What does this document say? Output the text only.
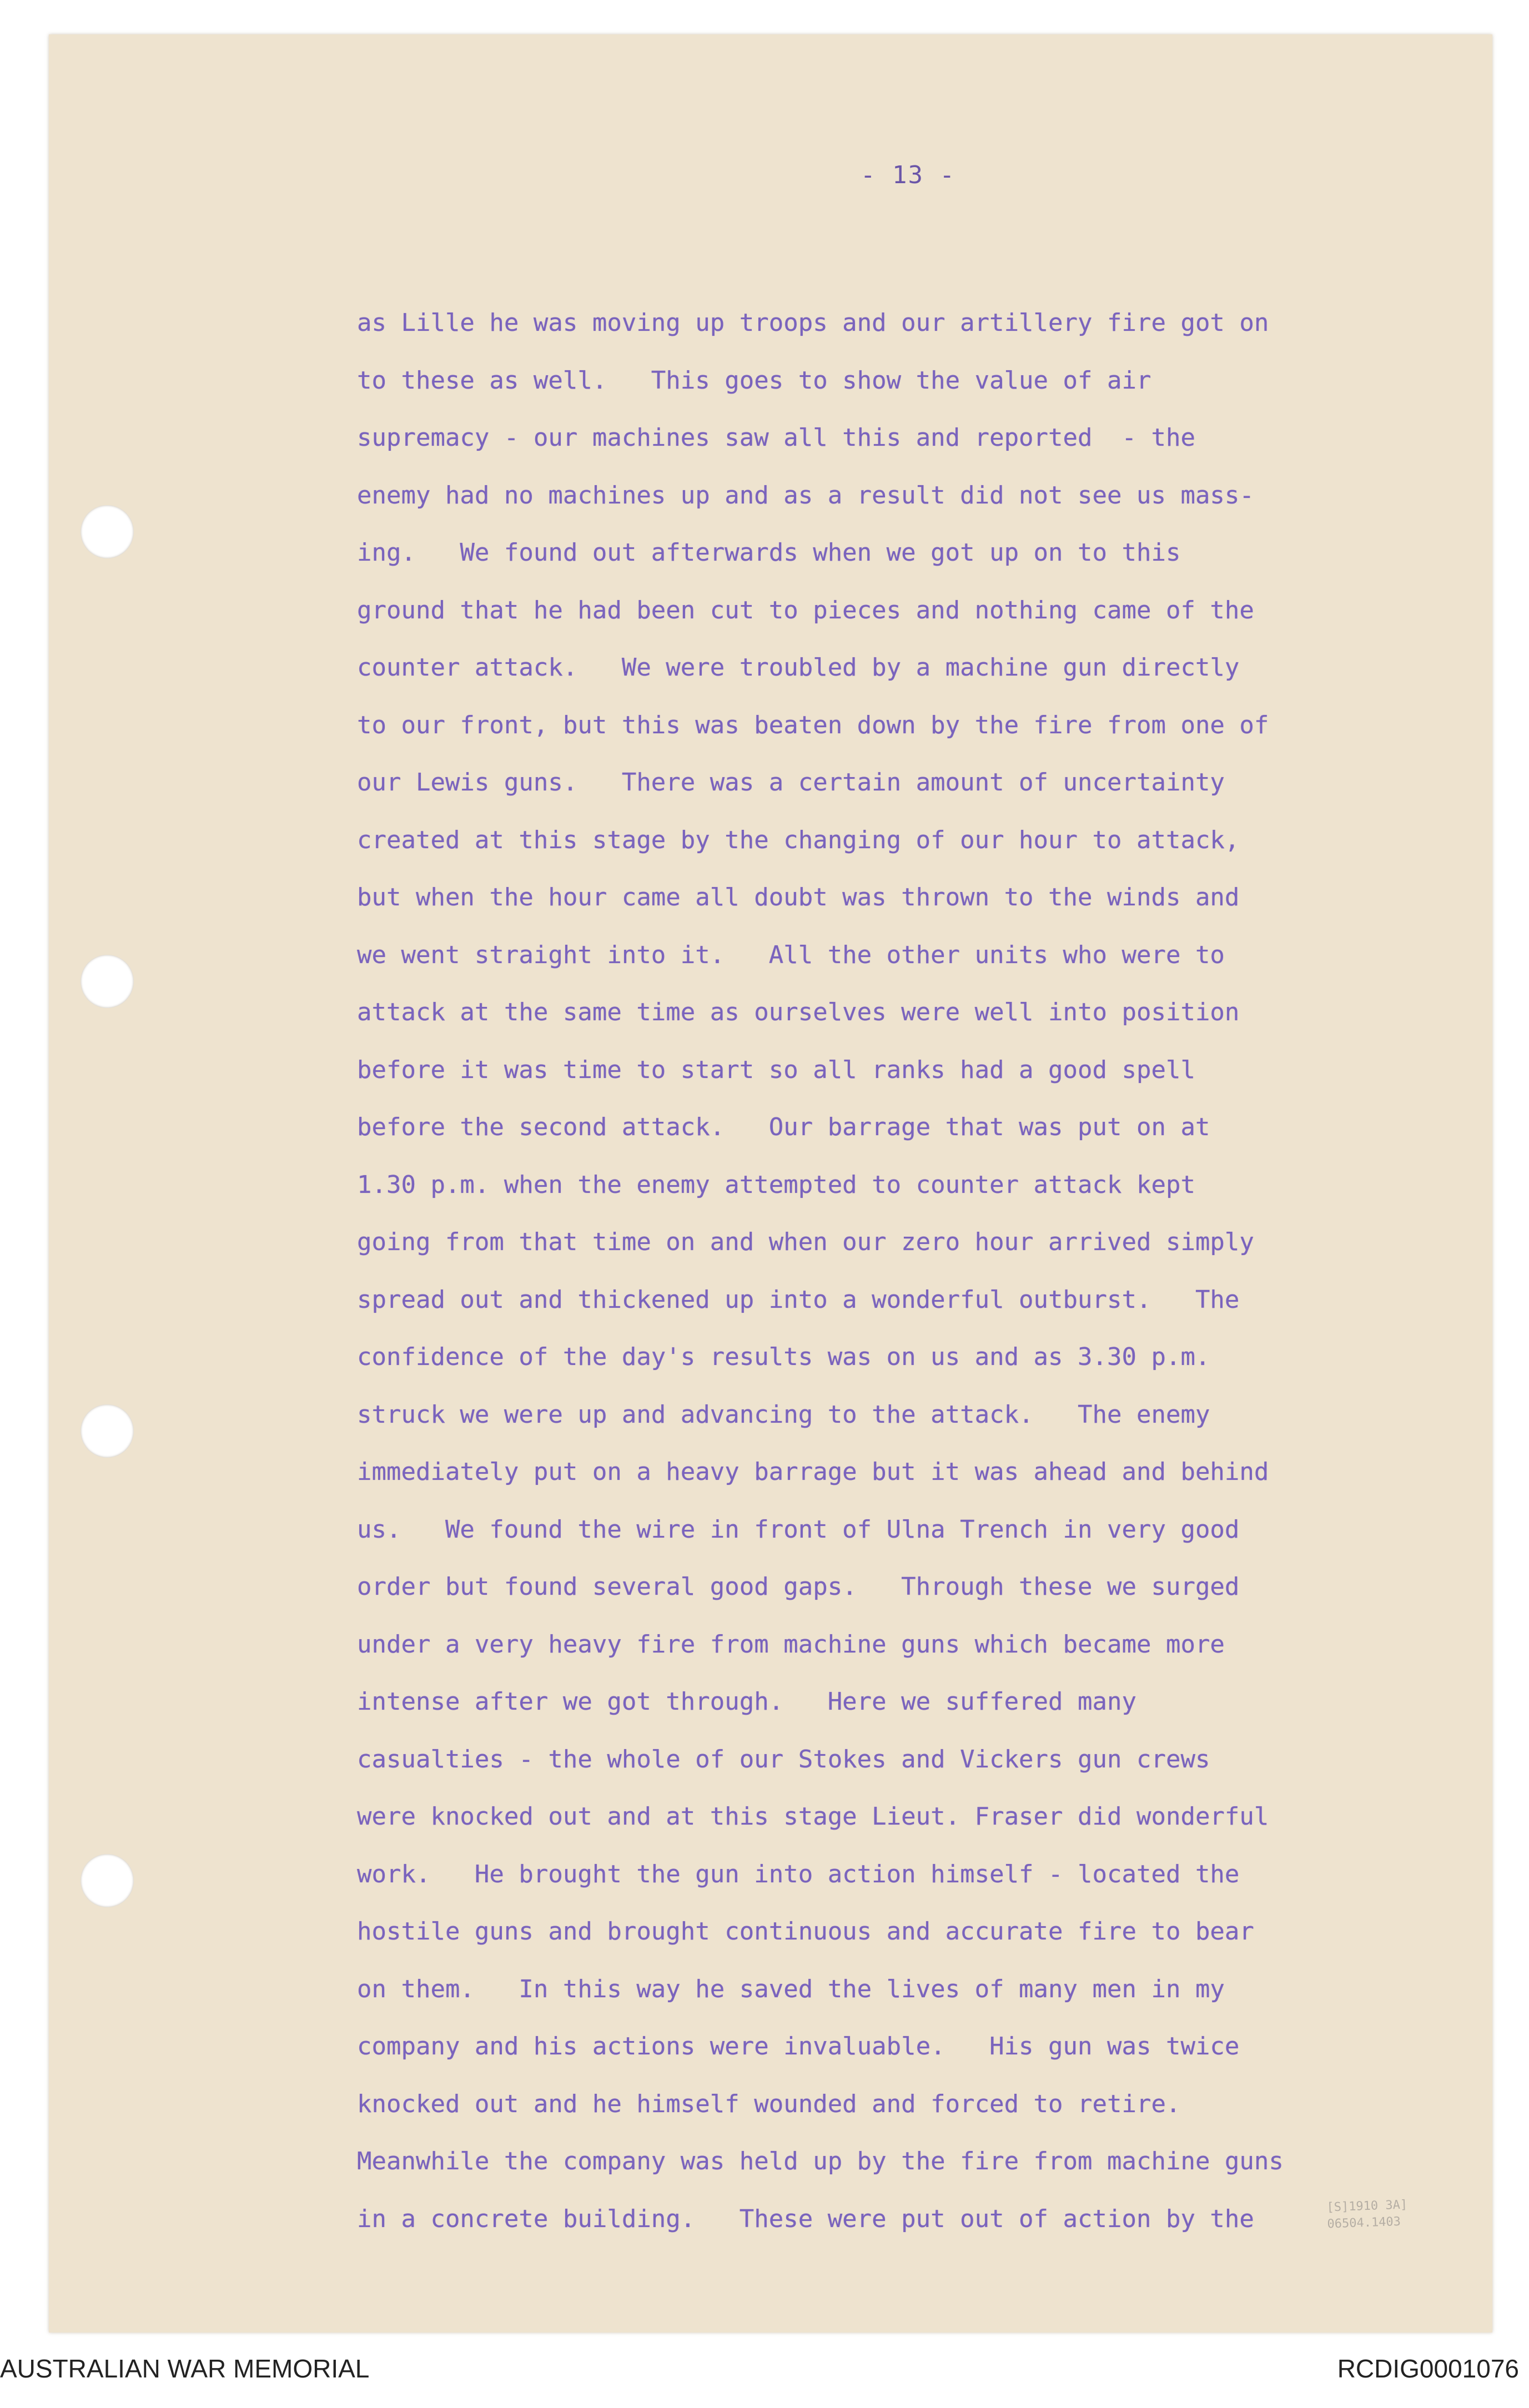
- 13 -
as Lille he was moving up troops and our artillery fire got on
to these as well.   This goes to show the value of air
supremacy - our machines saw all this and reported  - the
enemy had no machines up and as a result did not see us mass-
ing.   We found out afterwards when we got up on to this
ground that he had been cut to pieces and nothing came of the
counter attack.   We were troubled by a machine gun directly
to our front, but this was beaten down by the fire from one of
our Lewis guns.   There was a certain amount of uncertainty
created at this stage by the changing of our hour to attack,
but when the hour came all doubt was thrown to the winds and
we went straight into it.   All the other units who were to
attack at the same time as ourselves were well into position
before it was time to start so all ranks had a good spell
before the second attack.   Our barrage that was put on at
1.30 p.m. when the enemy attempted to counter attack kept
going from that time on and when our zero hour arrived simply
spread out and thickened up into a wonderful outburst.   The
confidence of the day's results was on us and as 3.30 p.m.
struck we were up and advancing to the attack.   The enemy
immediately put on a heavy barrage but it was ahead and behind
us.   We found the wire in front of Ulna Trench in very good
order but found several good gaps.   Through these we surged
under a very heavy fire from machine guns which became more
intense after we got through.   Here we suffered many
casualties - the whole of our Stokes and Vickers gun crews
were knocked out and at this stage Lieut. Fraser did wonderful
work.   He brought the gun into action himself - located the
hostile guns and brought continuous and accurate fire to bear
on them.   In this way he saved the lives of many men in my
company and his actions were invaluable.   His gun was twice
knocked out and he himself wounded and forced to retire.
Meanwhile the company was held up by the fire from machine guns
in a concrete building.   These were put out of action by the	[S]1910 3A]
06504.1403
AUSTRALIAN WAR MEMORIAL	RCDIG0001076
